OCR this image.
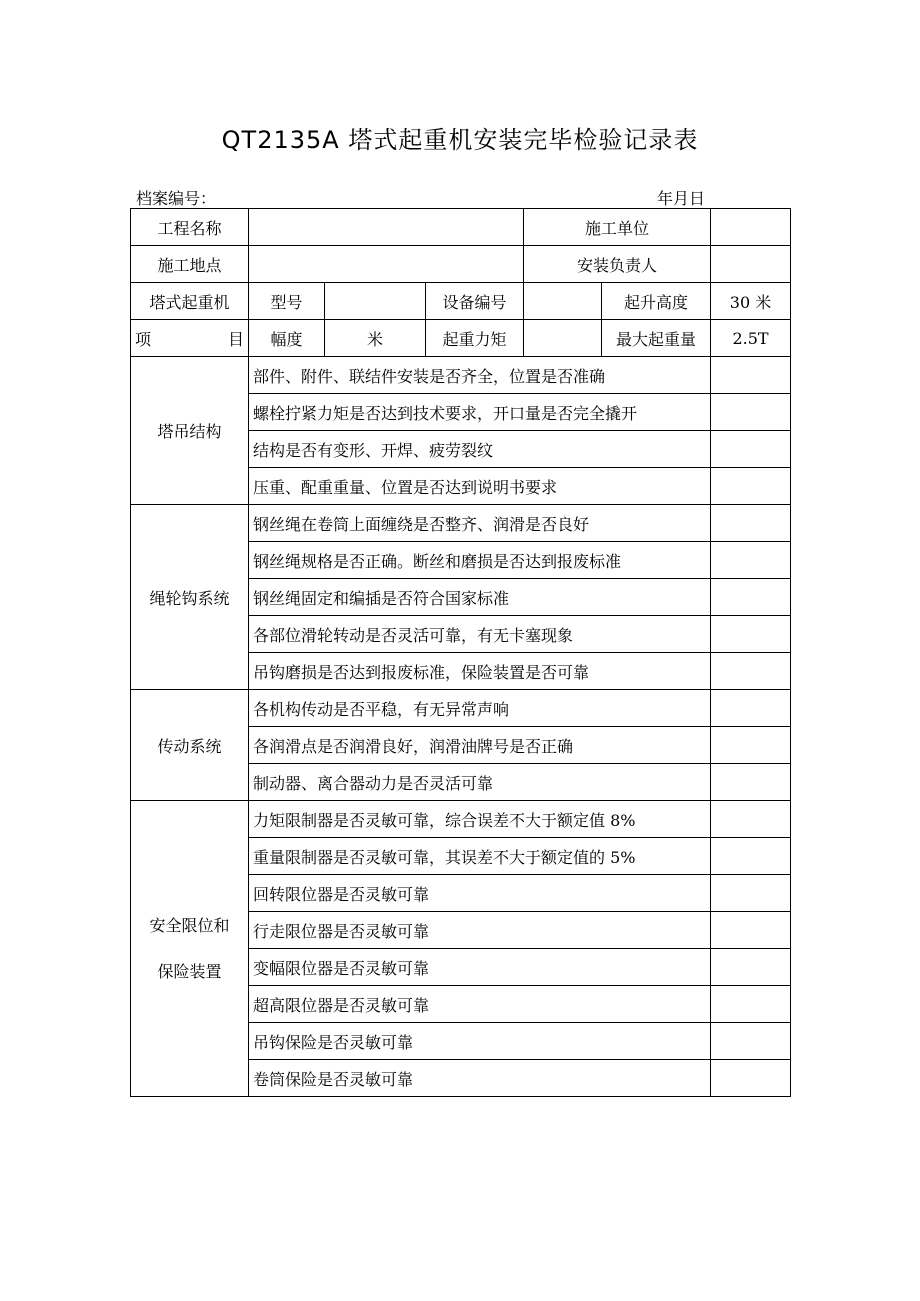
QT2135A 塔式起重机安装完毕检验记录表
档案编号：	年月日
工程名称				施工单位		
施工地点				安装负责人		
塔式起重机	型号		设备编号		起升高度	30 米
项　　目	幅度	米	起重力矩		最大起重量	2.5T
塔吊结构	部件、附件、联结件安装是否齐全，位置是否准确					
	螺栓拧紧力矩是否达到技术要求，开口量是否完全撬开					
	结构是否有变形、开焊、疲劳裂纹					
	压重、配重重量、位置是否达到说明书要求					
绳轮钩系统	钢丝绳在卷筒上面缠绕是否整齐、润滑是否良好					
	钢丝绳规格是否正确。断丝和磨损是否达到报废标准					
	钢丝绳固定和编插是否符合国家标准					
	各部位滑轮转动是否灵活可靠，有无卡塞现象					
	吊钩磨损是否达到报废标准，保险装置是否可靠					
传动系统	各机构传动是否平稳，有无异常声响					
	各润滑点是否润滑良好，润滑油牌号是否正确					
	制动器、离合器动力是否灵活可靠					

安全限位和
保险装置	力矩限制器是否灵敏可靠，综合误差不大于额定值 8%					
	重量限制器是否灵敏可靠，其误差不大于额定值的 5%					
	回转限位器是否灵敏可靠					
	行走限位器是否灵敏可靠					
	变幅限位器是否灵敏可靠					
	超高限位器是否灵敏可靠					
	吊钩保险是否灵敏可靠					
	卷筒保险是否灵敏可靠					
